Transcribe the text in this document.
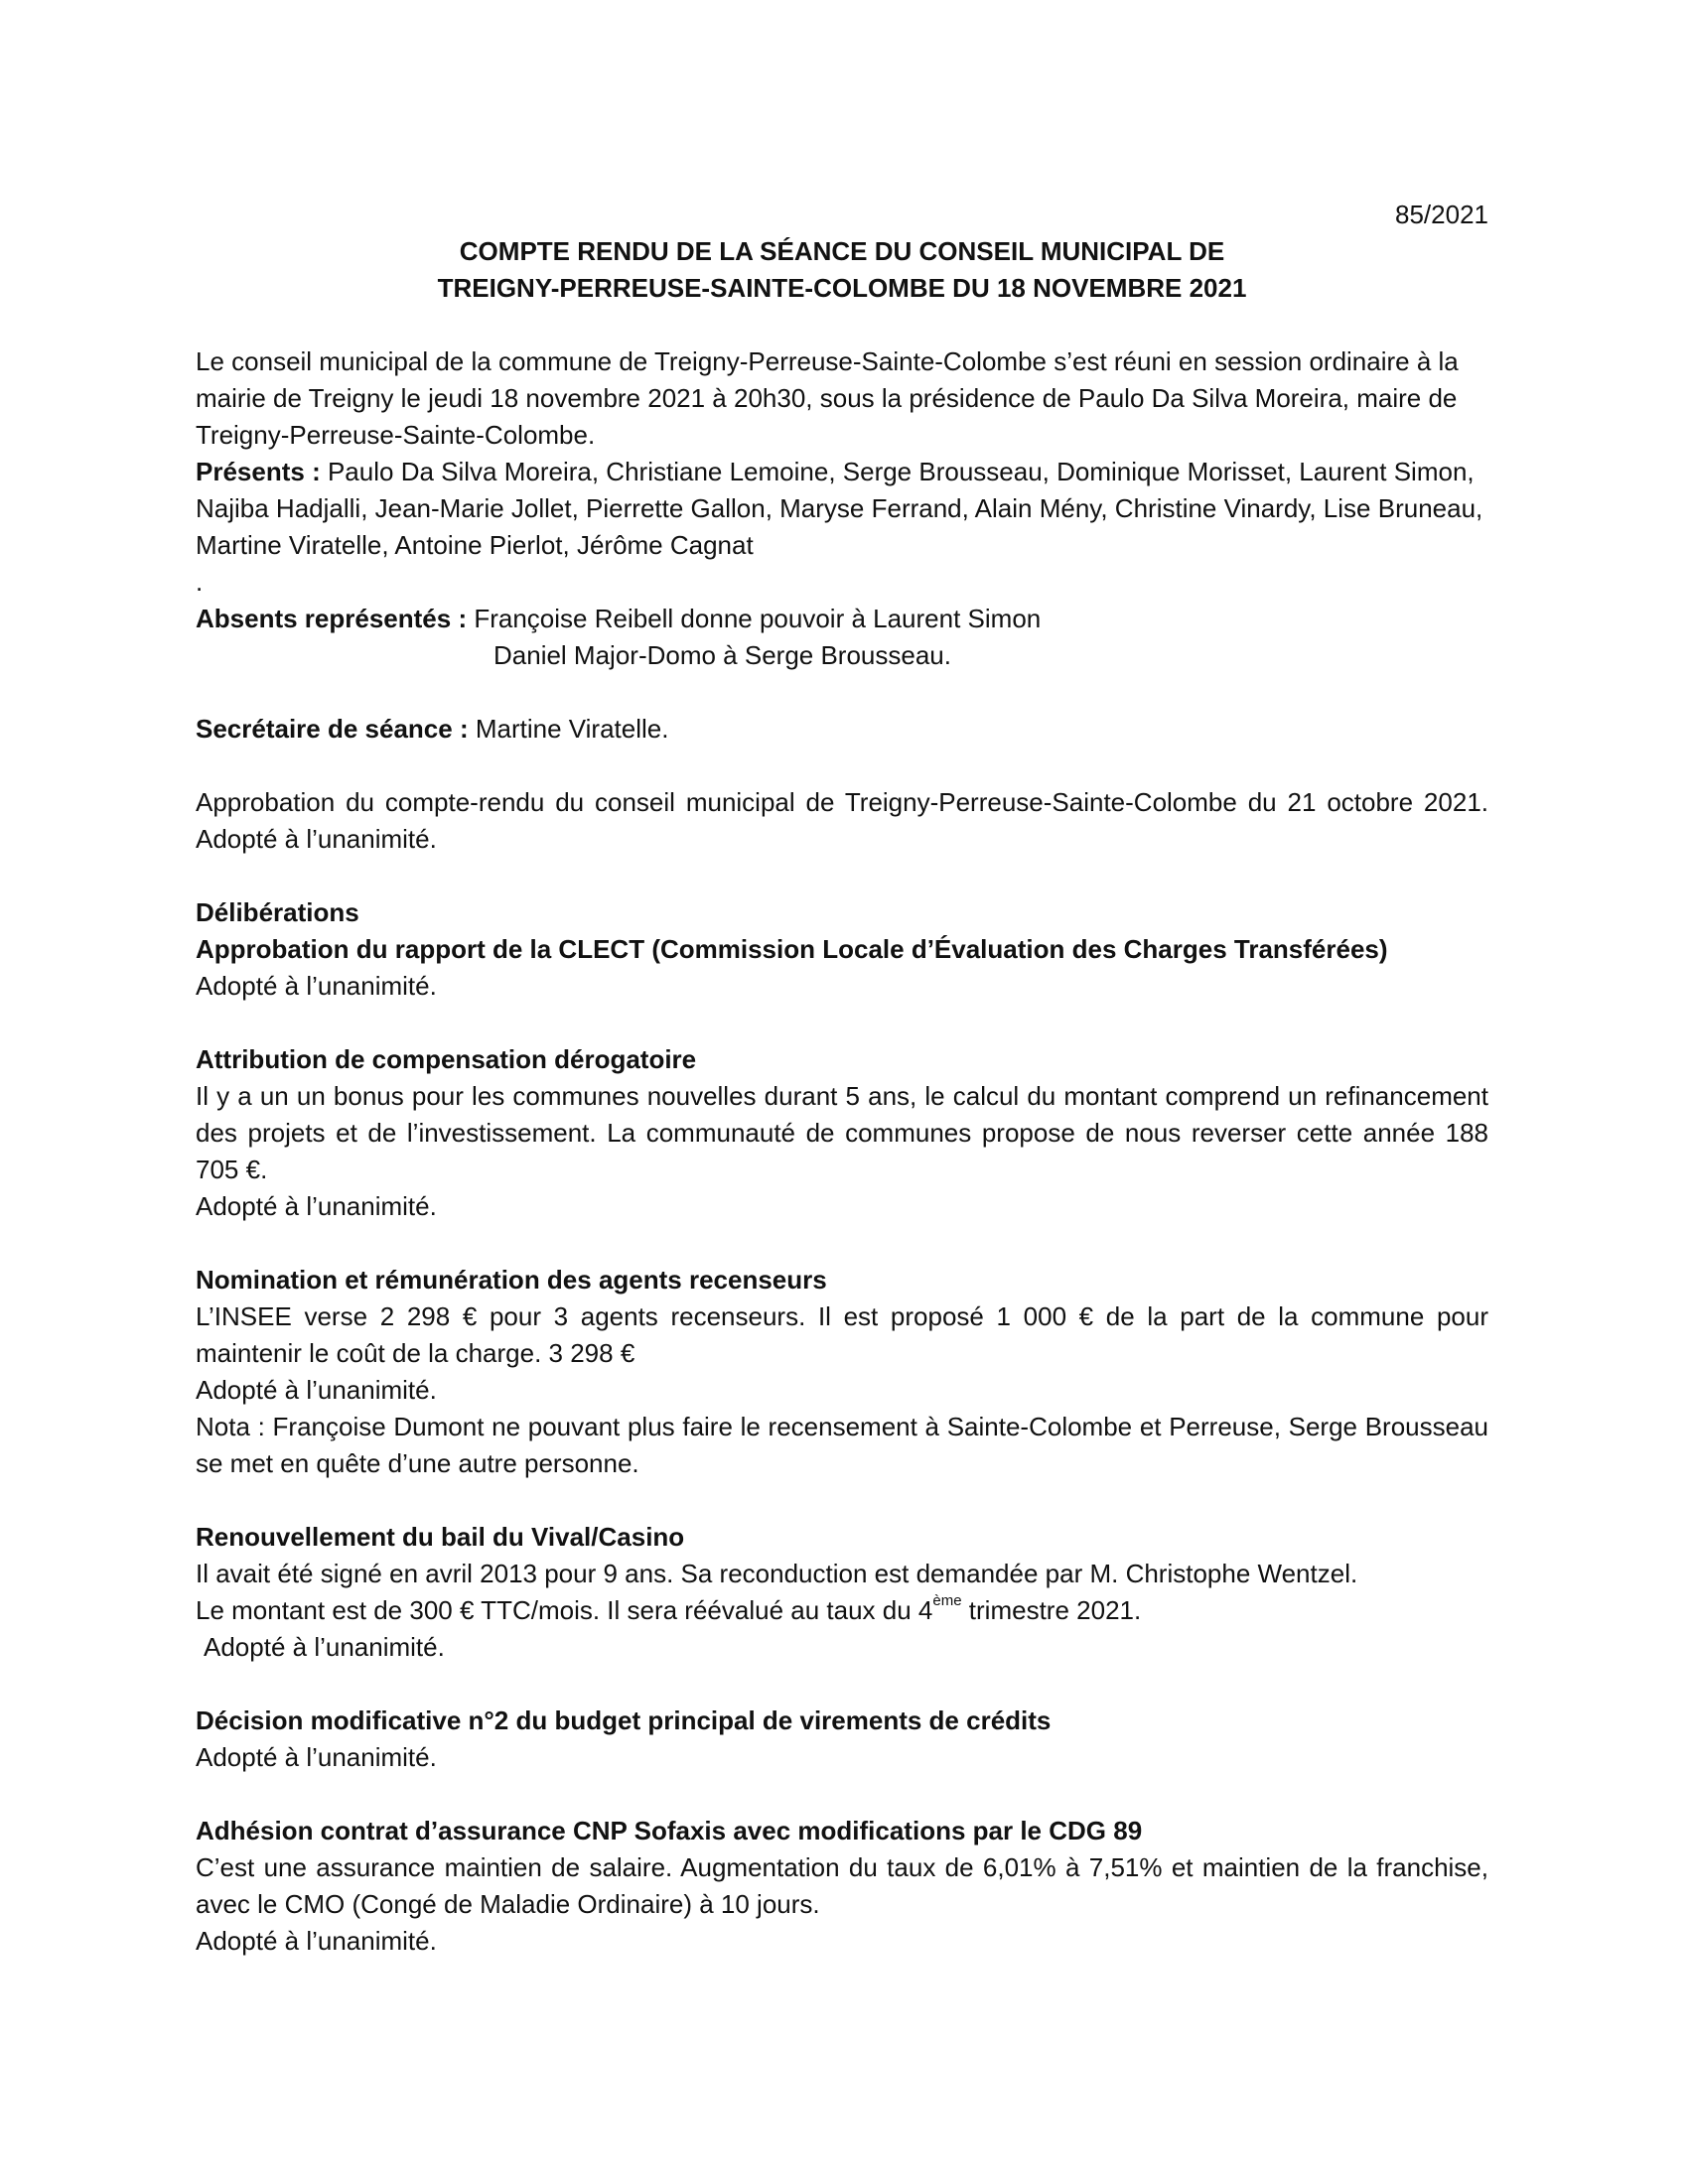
85/2021

COMPTE RENDU DE LA SÉANCE DU CONSEIL MUNICIPAL DE

TREIGNY-PERREUSE-SAINTE-COLOMBE DU 18 NOVEMBRE 2021

Le conseil municipal de la commune de Treigny-Perreuse-Sainte-Colombe s’est réuni en session ordinaire à la mairie de Treigny le jeudi 18 novembre 2021 à 20h30, sous la présidence de Paulo Da Silva Moreira, maire de Treigny-Perreuse-Sainte-Colombe.

Présents : Paulo Da Silva Moreira, Christiane Lemoine, Serge Brousseau, Dominique Morisset, Laurent Simon, Najiba Hadjalli, Jean-Marie Jollet, Pierrette Gallon, Maryse Ferrand, Alain Mény, Christine Vinardy, Lise Bruneau, Martine Viratelle, Antoine Pierlot, Jérôme Cagnat

.

Absents représentés : Françoise Reibell donne pouvoir à Laurent Simon

Daniel Major-Domo à Serge Brousseau.

Secrétaire de séance : Martine Viratelle.

Approbation du compte-rendu du conseil municipal de Treigny-Perreuse-Sainte-Colombe du 21 octobre 2021. Adopté à l’unanimité.

Délibérations

Approbation du rapport de la CLECT (Commission Locale d’Évaluation des Charges Transférées)

Adopté à l’unanimité.

Attribution de compensation dérogatoire

Il y a un un bonus pour les communes nouvelles durant 5 ans, le calcul du montant comprend un refinancement des projets et de l’investissement. La communauté de communes propose de nous reverser cette année 188 705 €.

Adopté à l’unanimité.

Nomination et rémunération des agents recenseurs

L’INSEE verse 2 298 € pour 3 agents recenseurs. Il est proposé 1 000 € de la part de la commune pour maintenir le coût de la charge. 3 298 €

Adopté à l’unanimité.

Nota : Françoise Dumont ne pouvant plus faire le recensement à Sainte-Colombe et Perreuse, Serge Brousseau se met en quête d’une autre personne.

Renouvellement du bail du Vival/Casino

Il avait été signé en avril 2013 pour 9 ans. Sa reconduction est demandée par M. Christophe Wentzel.

Le montant est de 300 € TTC/mois. Il sera réévalué au taux du 4ème trimestre 2021.

Adopté à l’unanimité.

Décision modificative n°2 du budget principal de virements de crédits

Adopté à l’unanimité.

Adhésion contrat d’assurance CNP Sofaxis avec modifications par le CDG 89

C’est une assurance maintien de salaire. Augmentation du taux de 6,01% à 7,51% et maintien de la franchise, avec le CMO (Congé de Maladie Ordinaire) à 10 jours.

Adopté à l’unanimité.
